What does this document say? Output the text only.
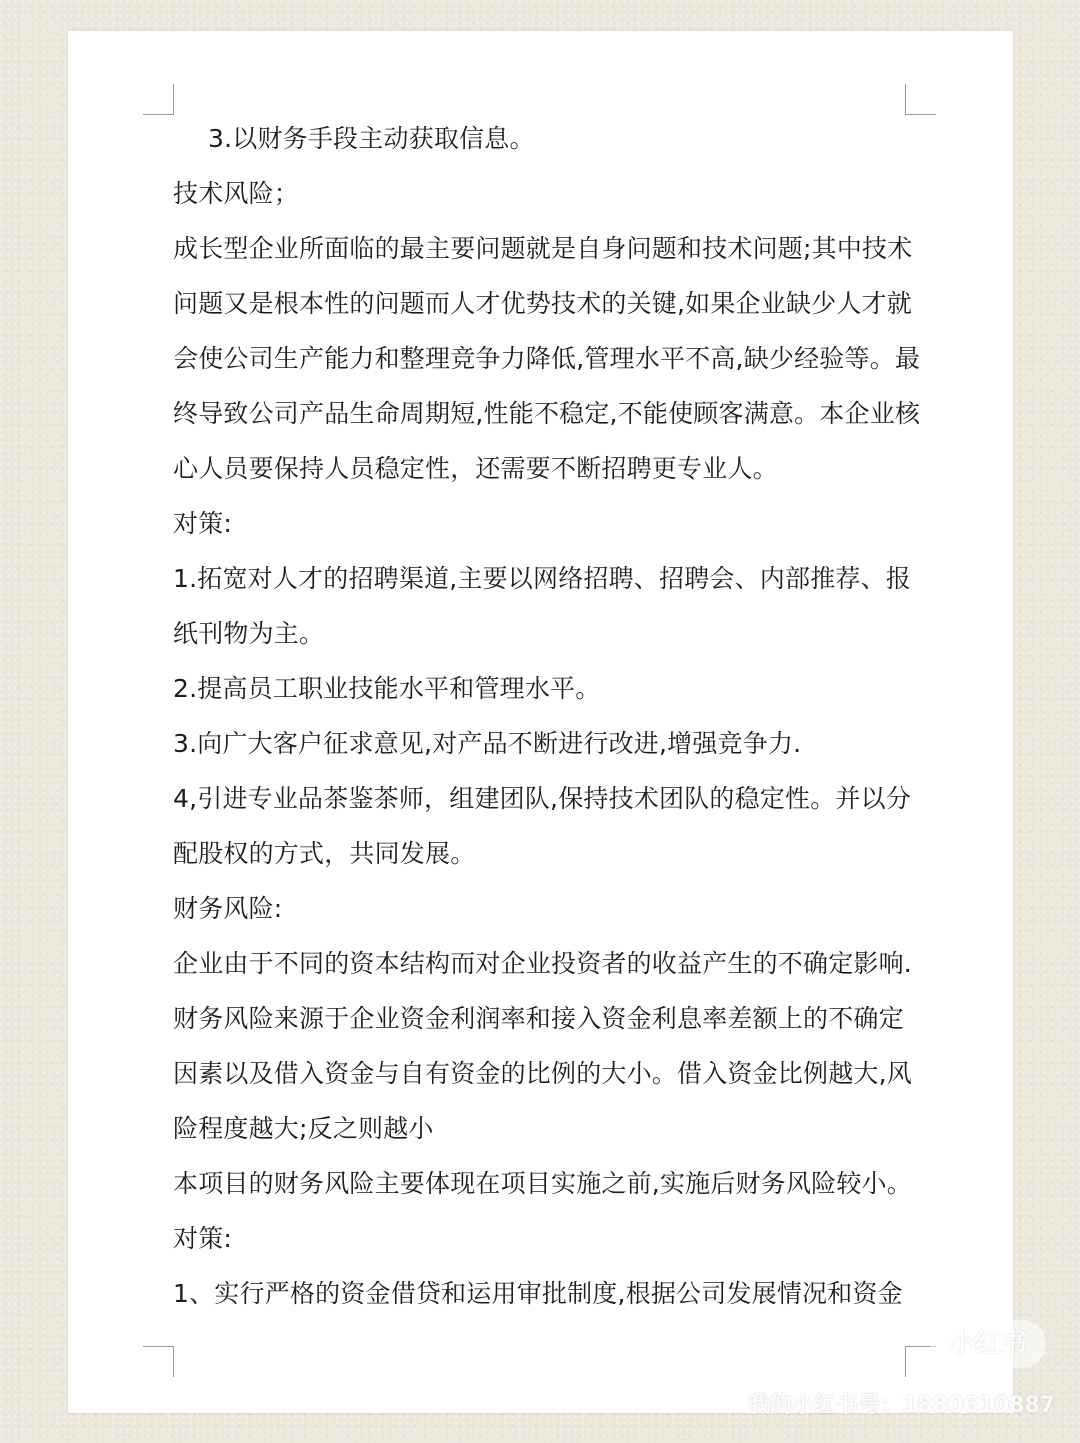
3.以财务手段主动获取信息。
技术风险；
成长型企业所面临的最主要问题就是自身问题和技术问题;其中技术
问题又是根本性的问题而人才优势技术的关键,如果企业缺少人才就
会使公司生产能力和整理竞争力降低,管理水平不高,缺少经验等。最
终导致公司产品生命周期短,性能不稳定,不能使顾客满意。本企业核
心人员要保持人员稳定性，还需要不断招聘更专业人。
对策:
1.拓宽对人才的招聘渠道,主要以网络招聘、招聘会、内部推荐、报
纸刊物为主。
2.提高员工职业技能水平和管理水平。
3.向广大客户征求意见,对产品不断进行改进,增强竞争力.
4,引进专业品茶鉴茶师，组建团队,保持技术团队的稳定性。并以分
配股权的方式，共同发展。
财务风险:
企业由于不同的资本结构而对企业投资者的收益产生的不确定影响.
财务风险来源于企业资金利润率和接入资金利息率差额上的不确定
因素以及借入资金与自有资金的比例的大小。借入资金比例越大,风
险程度越大;反之则越小
本项目的财务风险主要体现在项目实施之前,实施后财务风险较小。
对策:
1、实行严格的资金借贷和运用审批制度,根据公司发展情况和资金
小红书
我的小红书号：1880610887
